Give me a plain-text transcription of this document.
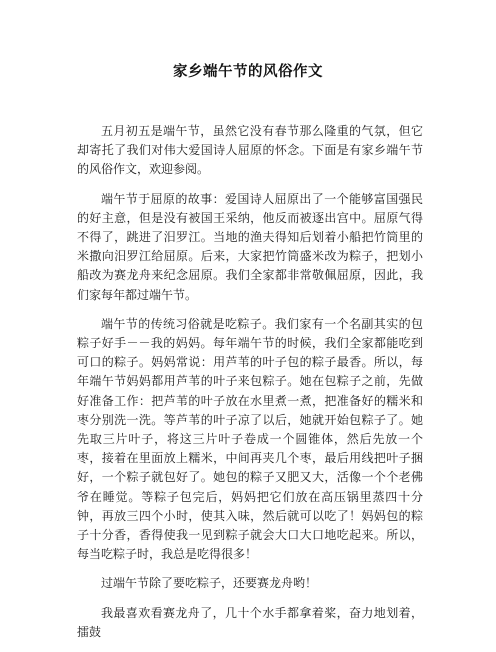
家乡端午节的风俗作文

五月初五是端午节，虽然它没有春节那么隆重的气氛，但它却寄托了我们对伟大爱国诗人屈原的怀念。下面是有家乡端午节的风俗作文，欢迎参阅。

端午节于屈原的故事：爱国诗人屈原出了一个能够富国强民的好主意，但是没有被国王采纳，他反而被逐出宫中。屈原气得不得了，跳进了汨罗江。当地的渔夫得知后划着小船把竹筒里的米撒向汨罗江给屈原。后来，大家把竹筒盛米改为粽子，把划小船改为赛龙舟来纪念屈原。我们全家都非常敬佩屈原，因此，我们家每年都过端午节。

端午节的传统习俗就是吃粽子。我们家有一个名副其实的包粽子好手－－我的妈妈。每年端午节的时候，我们全家都能吃到可口的粽子。妈妈常说：用芦苇的叶子包的粽子最香。所以，每年端午节妈妈都用芦苇的叶子来包粽子。她在包粽子之前，先做好准备工作：把芦苇的叶子放在水里煮一煮，把准备好的糯米和枣分别洗一洗。等芦苇的叶子凉了以后，她就开始包粽子了。她先取三片叶子，将这三片叶子卷成一个圆锥体，然后先放一个枣，接着在里面放上糯米，中间再夹几个枣，最后用线把叶子捆好，一个粽子就包好了。她包的粽子又肥又大，活像一个个老佛爷在睡觉。等粽子包完后，妈妈把它们放在高压锅里蒸四十分钟，再放三四个小时，使其入味，然后就可以吃了！妈妈包的粽子十分香，香得使我一见到粽子就会大口大口地吃起来。所以，每当吃粽子时，我总是吃得很多！

过端午节除了要吃粽子，还要赛龙舟哟！

我最喜欢看赛龙舟了，几十个水手都拿着桨，奋力地划着，擂鼓
